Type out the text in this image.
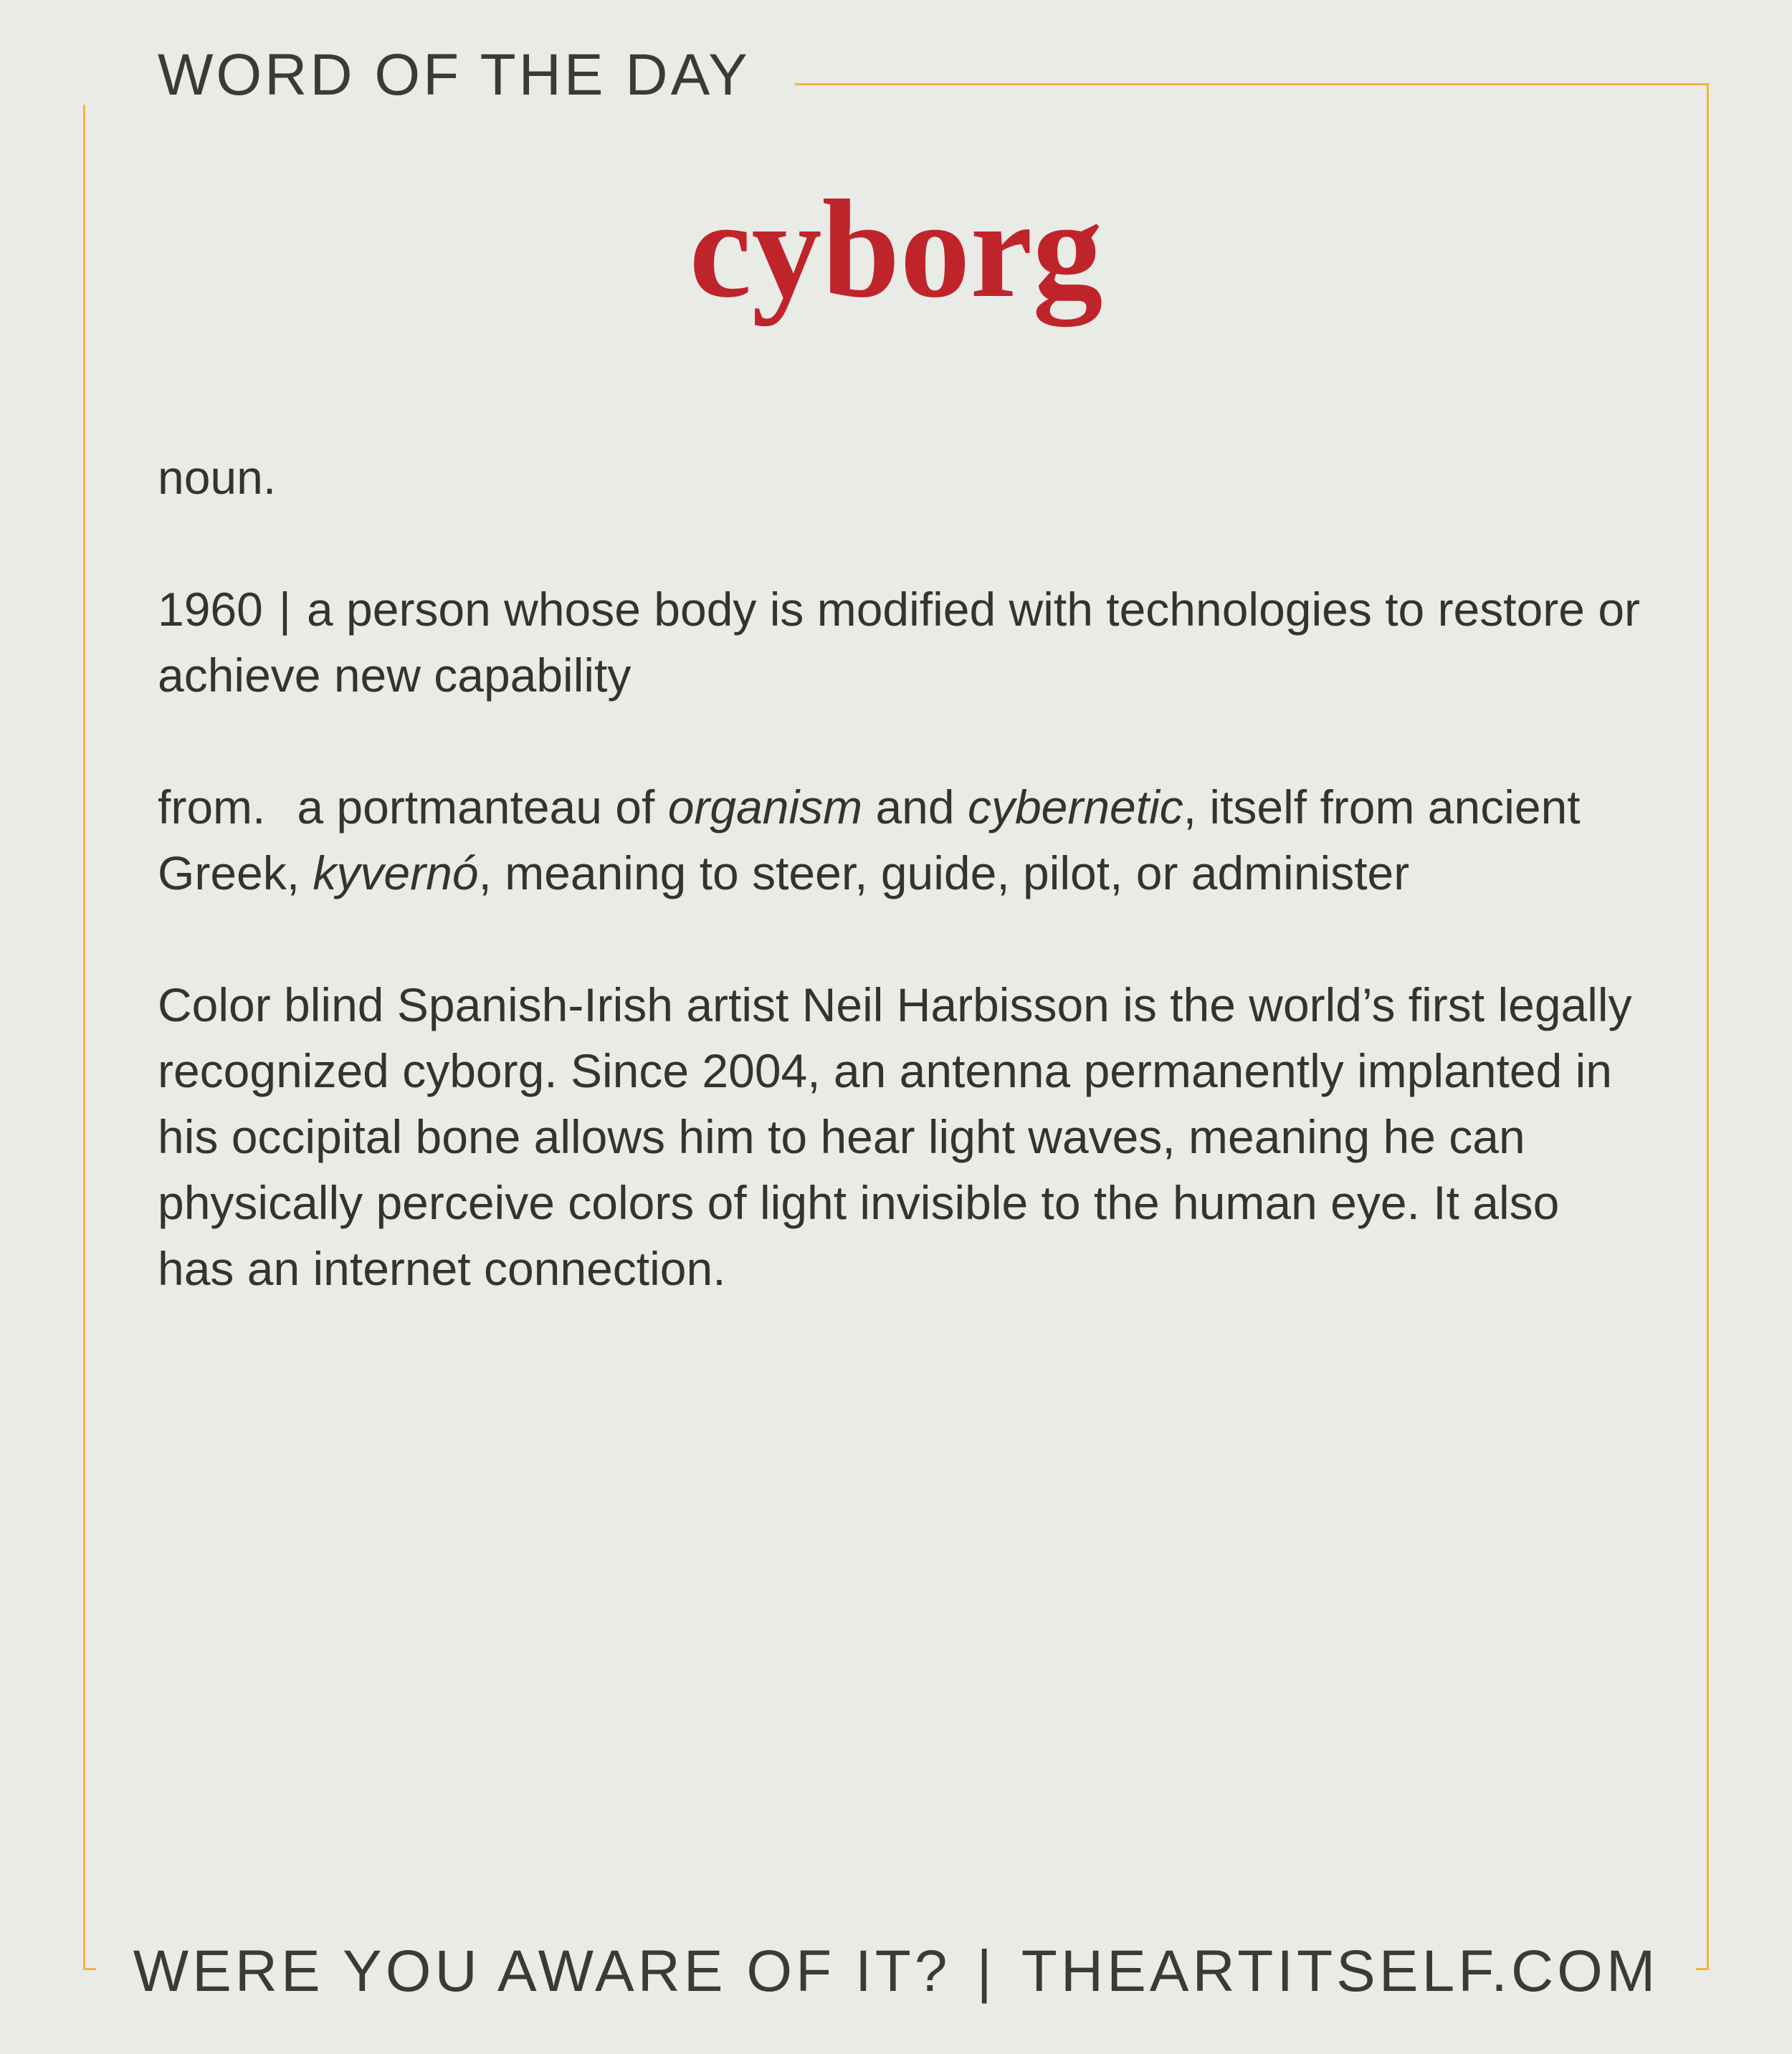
WORD OF THE DAY
cyborg

noun.

1960 | a person whose body is modified with technologies to restore or achieve new capability

from. a portmanteau of organism and cybernetic, itself from ancient Greek, kyvernó, meaning to steer, guide, pilot, or administer

Color blind Spanish-Irish artist Neil Harbisson is the world’s first legally recognized cyborg. Since 2004, an antenna permanently implanted in his occipital bone allows him to hear light waves, meaning he can physically perceive colors of light invisible to the human eye. It also has an internet connection.

WERE YOU AWARE OF IT? | THEARTITSELF.COM
